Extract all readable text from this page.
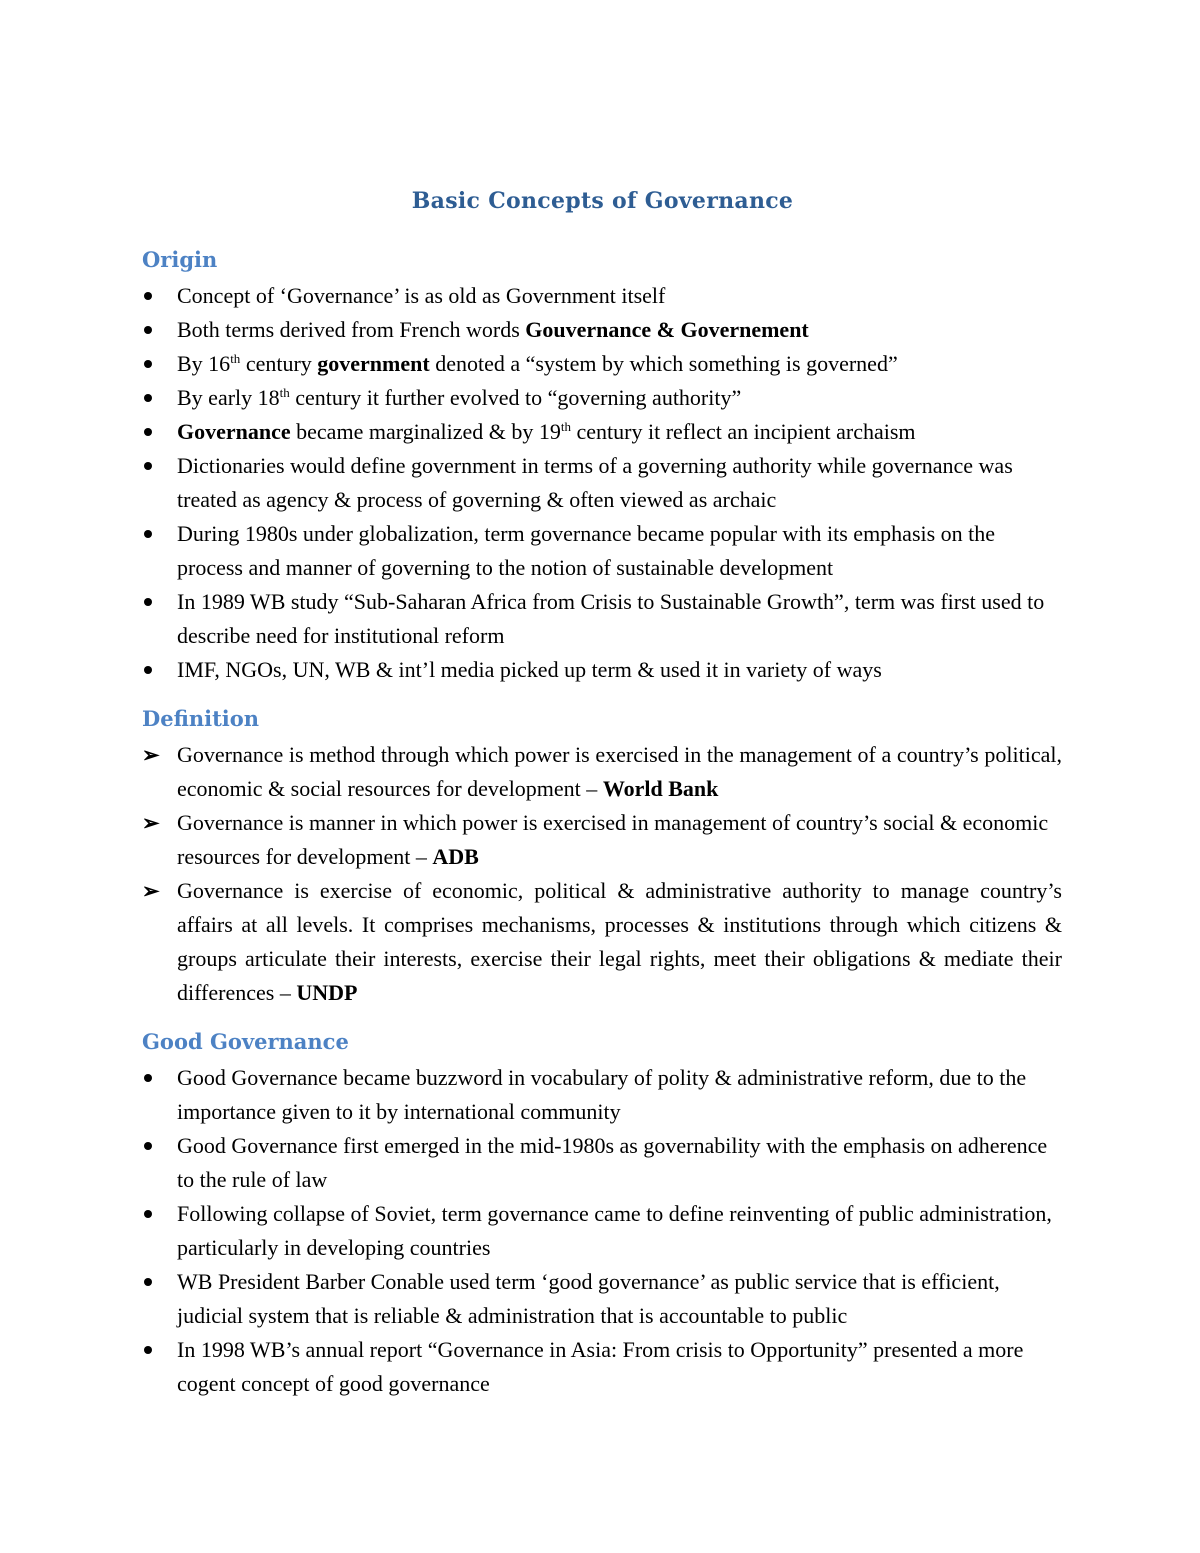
Basic Concepts of Governance
Origin
Concept of ‘Governance’ is as old as Government itself
Both terms derived from French words Gouvernance & Governement
By 16th century government denoted a “system by which something is governed”
By early 18th century it further evolved to “governing authority”
Governance became marginalized & by 19th century it reflect an incipient archaism
Dictionaries would define government in terms of a governing authority while governance was treated as agency & process of governing & often viewed as archaic
During 1980s under globalization, term governance became popular with its emphasis on the process and manner of governing to the notion of sustainable development
In 1989 WB study “Sub-Saharan Africa from Crisis to Sustainable Growth”, term was first used to describe need for institutional reform
IMF, NGOs, UN, WB & int’l media picked up term & used it in variety of ways
Definition
➢ Governance is method through which power is exercised in the management of a country’s political, economic & social resources for development – World Bank
➢ Governance is manner in which power is exercised in management of country’s social & economic resources for development – ADB
➢ Governance is exercise of economic, political & administrative authority to manage country’s affairs at all levels. It comprises mechanisms, processes & institutions through which citizens & groups articulate their interests, exercise their legal rights, meet their obligations & mediate their differences – UNDP
Good Governance
Good Governance became buzzword in vocabulary of polity & administrative reform, due to the importance given to it by international community
Good Governance first emerged in the mid-1980s as governability with the emphasis on adherence to the rule of law
Following collapse of Soviet, term governance came to define reinventing of public administration, particularly in developing countries
WB President Barber Conable used term ‘good governance’ as public service that is efficient, judicial system that is reliable & administration that is accountable to public
In 1998 WB’s annual report “Governance in Asia: From crisis to Opportunity” presented a more cogent concept of good governance
